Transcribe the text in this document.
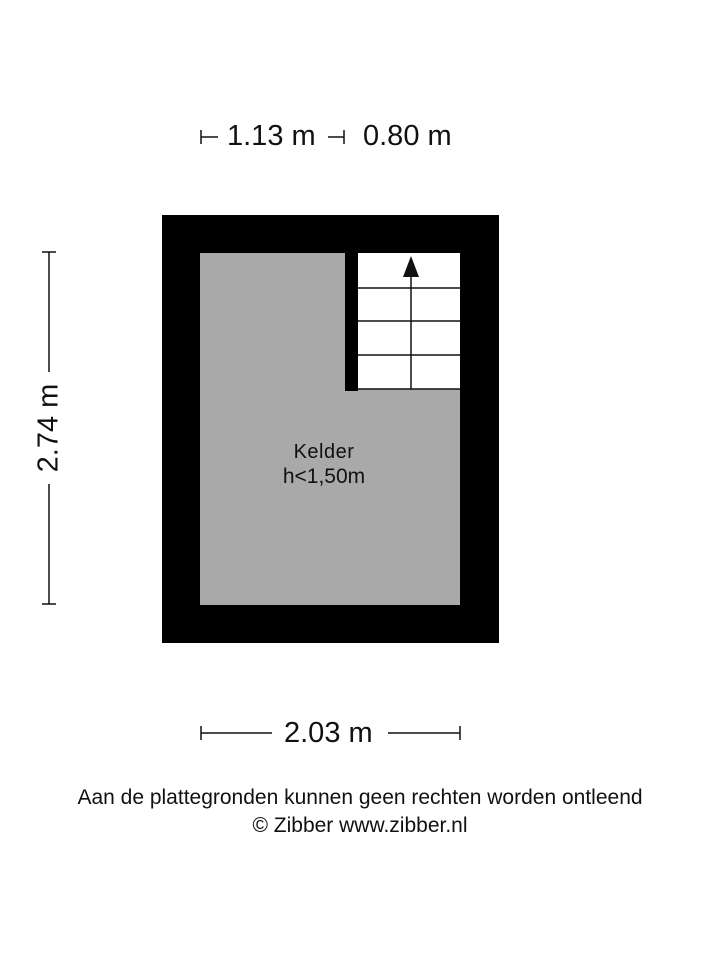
1.13 m 0.80 m
2.74 m
2.03 m
Kelder
h<1,50m
Aan de plattegronden kunnen geen rechten worden ontleend
© Zibber www.zibber.nl
